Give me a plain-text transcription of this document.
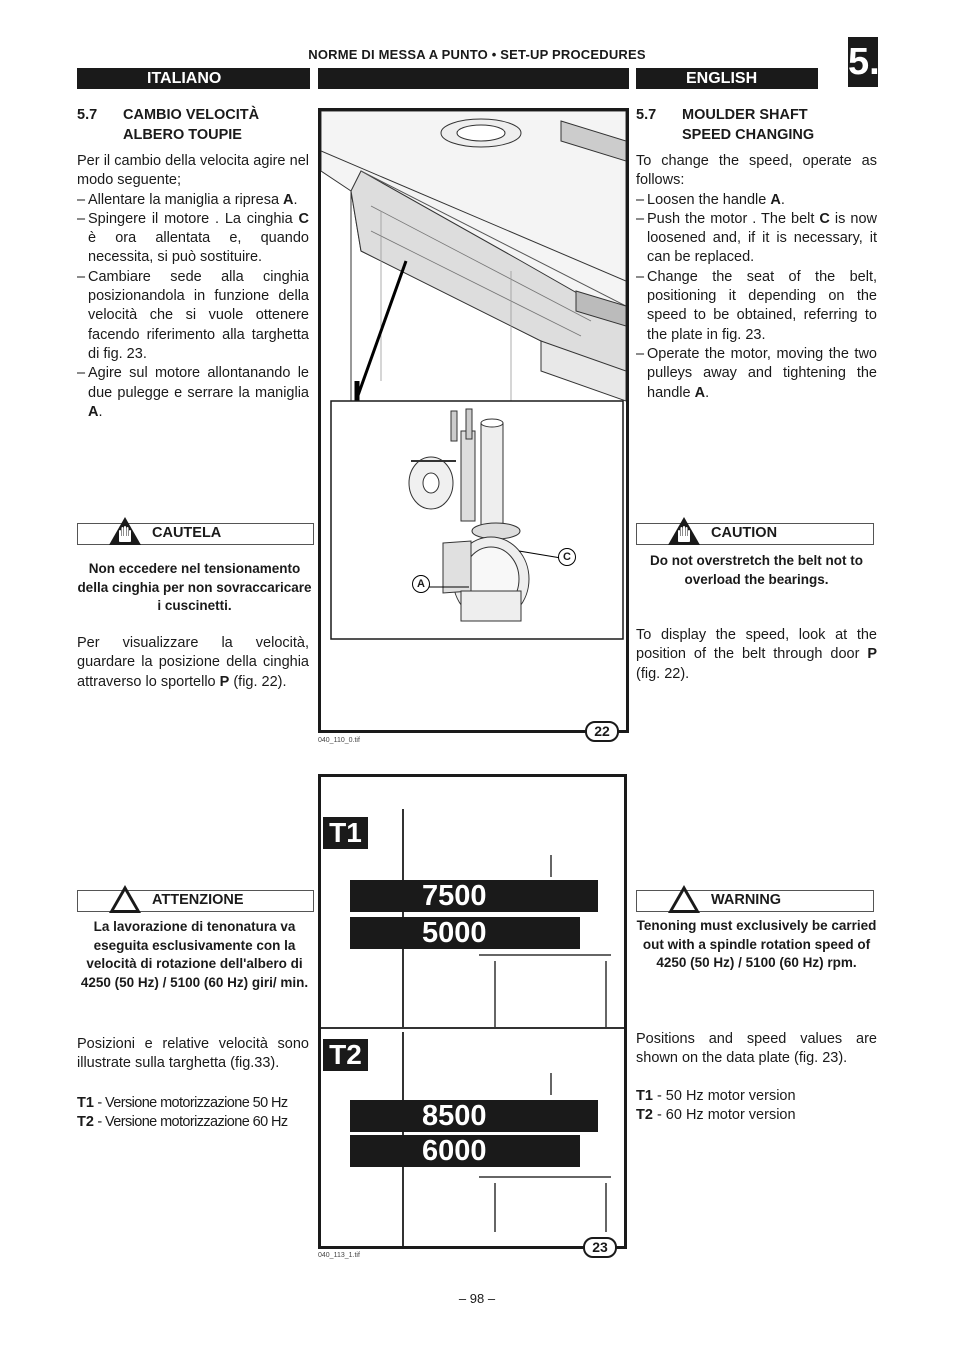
NORME DI MESSA A PUNTO • SET-UP PROCEDURES	5.
ITALIANO	ENGLISH
5.7 CAMBIO VELOCITÀ
ALBERO TOUPIE

Per il cambio della velocita agire nel modo seguente;

– Allentare la maniglia a ripresa A.
– Spingere il motore . La cinghia C è ora allentata e, quando necessita, si può sostituire.
– Cambiare sede alla cinghia posizionandola in funzione della velocità che si vuole ottenere facendo riferimento alla targhetta di fig. 23.
– Agire sul motore allontanando le due pulegge e serrare la maniglia A.
CAUTELA
Non eccedere nel tensionamento della cinghia per non sovraccaricare i cuscinetti.
Per visualizzare la velocità, guardare la posizione della cinghia attraverso lo sportello P (fig. 22).
ATTENZIONE
La lavorazione di tenonatura va eseguita esclusivamente con la velocità di rotazione dell'albero di 4250 (50 Hz) / 5100 (60 Hz) giri/ min.
Posizioni e relative velocità sono illustrate sulla targhetta (fig.33).
T1 - Versione motorizzazione 50 Hz
T2 - Versione motorizzazione 60 Hz
5.7 MOULDER SHAFT
SPEED CHANGING

To change the speed, operate as follows:

– Loosen the handle A.
– Push the motor . The belt C is now loosened and, if it is necessary, it can be replaced.
– Change the seat of the belt, positioning it depending on the speed to be obtained, referring to the plate in fig. 23.
– Operate the motor, moving the two pulleys away and tightening the handle A.
CAUTION
Do not overstretch the belt not to overload the bearings.
To display the speed, look at the position of the belt through door P (fig. 22).
WARNING
Tenoning must exclusively be carried out with a spindle rotation speed of 4250 (50 Hz) / 5100 (60 Hz) rpm.
Positions and speed values are shown on the data plate (fig. 23).
T1 - 50 Hz motor version
T2 - 60 Hz motor version
A
C
22
040_110_0.tif
T1
7500
5000
T2
8500
6000
23
040_113_1.tif
– 98 –
